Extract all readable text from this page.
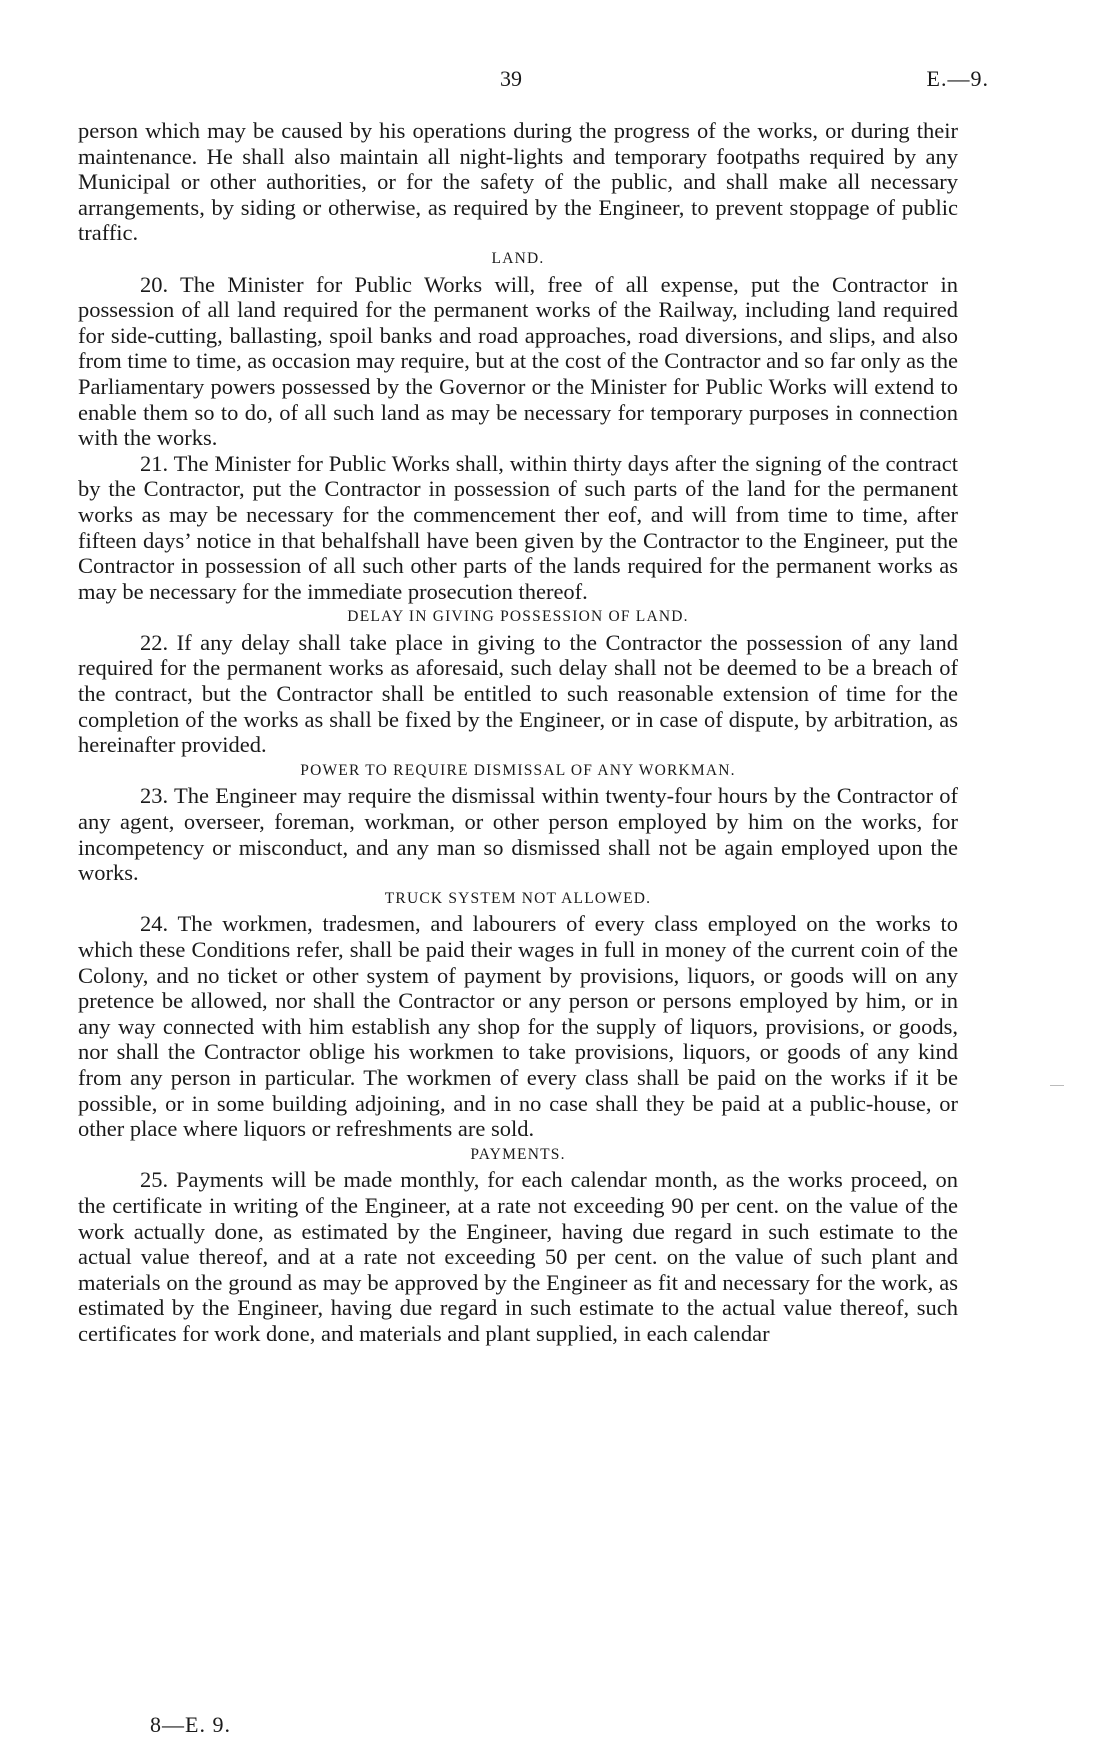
39	E.—9.

person which may be caused by his operations during the progress of the works, or during their maintenance. He shall also maintain all night-lights and temporary footpaths required by any Municipal or other authorities, or for the safety of the public, and shall make all necessary arrangements, by siding or otherwise, as required by the Engineer, to prevent stoppage of public traffic.

LAND.

20. The Minister for Public Works will, free of all expense, put the Contractor in possession of all land required for the permanent works of the Railway, including land required for side-cutting, ballasting, spoil banks and road approaches, road diversions, and slips, and also from time to time, as occasion may require, but at the cost of the Contractor and so far only as the Parliamentary powers possessed by the Governor or the Minister for Public Works will extend to enable them so to do, of all such land as may be necessary for temporary purposes in connection with the works.

21. The Minister for Public Works shall, within thirty days after the signing of the contract by the Contractor, put the Contractor in possession of such parts of the land for the permanent works as may be necessary for the commencement ther eof, and will from time to time, after fifteen days’ notice in that behalfshall have been given by the Contractor to the Engineer, put the Contractor in possession of all such other parts of the lands required for the permanent works as may be necessary for the immediate prosecution thereof.

DELAY IN GIVING POSSESSION OF LAND.

22. If any delay shall take place in giving to the Contractor the possession of any land required for the permanent works as aforesaid, such delay shall not be deemed to be a breach of the contract, but the Contractor shall be entitled to such reasonable extension of time for the completion of the works as shall be fixed by the Engineer, or in case of dispute, by arbitration, as hereinafter provided.

POWER TO REQUIRE DISMISSAL OF ANY WORKMAN.

23. The Engineer may require the dismissal within twenty-four hours by the Contractor of any agent, overseer, foreman, workman, or other person employed by him on the works, for incompetency or misconduct, and any man so dismissed shall not be again employed upon the works.

TRUCK SYSTEM NOT ALLOWED.

24. The workmen, tradesmen, and labourers of every class employed on the works to which these Conditions refer, shall be paid their wages in full in money of the current coin of the Colony, and no ticket or other system of payment by provisions, liquors, or goods will on any pretence be allowed, nor shall the Contractor or any person or persons employed by him, or in any way connected with him establish any shop for the supply of liquors, provisions, or goods, nor shall the Contractor oblige his workmen to take provisions, liquors, or goods of any kind from any person in particular. The workmen of every class shall be paid on the works if it be possible, or in some building adjoining, and in no case shall they be paid at a public-house, or other place where liquors or refreshments are sold.

PAYMENTS.

25. Payments will be made monthly, for each calendar month, as the works proceed, on the certificate in writing of the Engineer, at a rate not exceeding 90 per cent. on the value of the work actually done, as estimated by the Engineer, having due regard in such estimate to the actual value thereof, and at a rate not exceeding 50 per cent. on the value of such plant and materials on the ground as may be approved by the Engineer as fit and necessary for the work, as estimated by the Engineer, having due regard in such estimate to the actual value thereof, such certificates for work done, and materials and plant supplied, in each calendar

8—E. 9.
